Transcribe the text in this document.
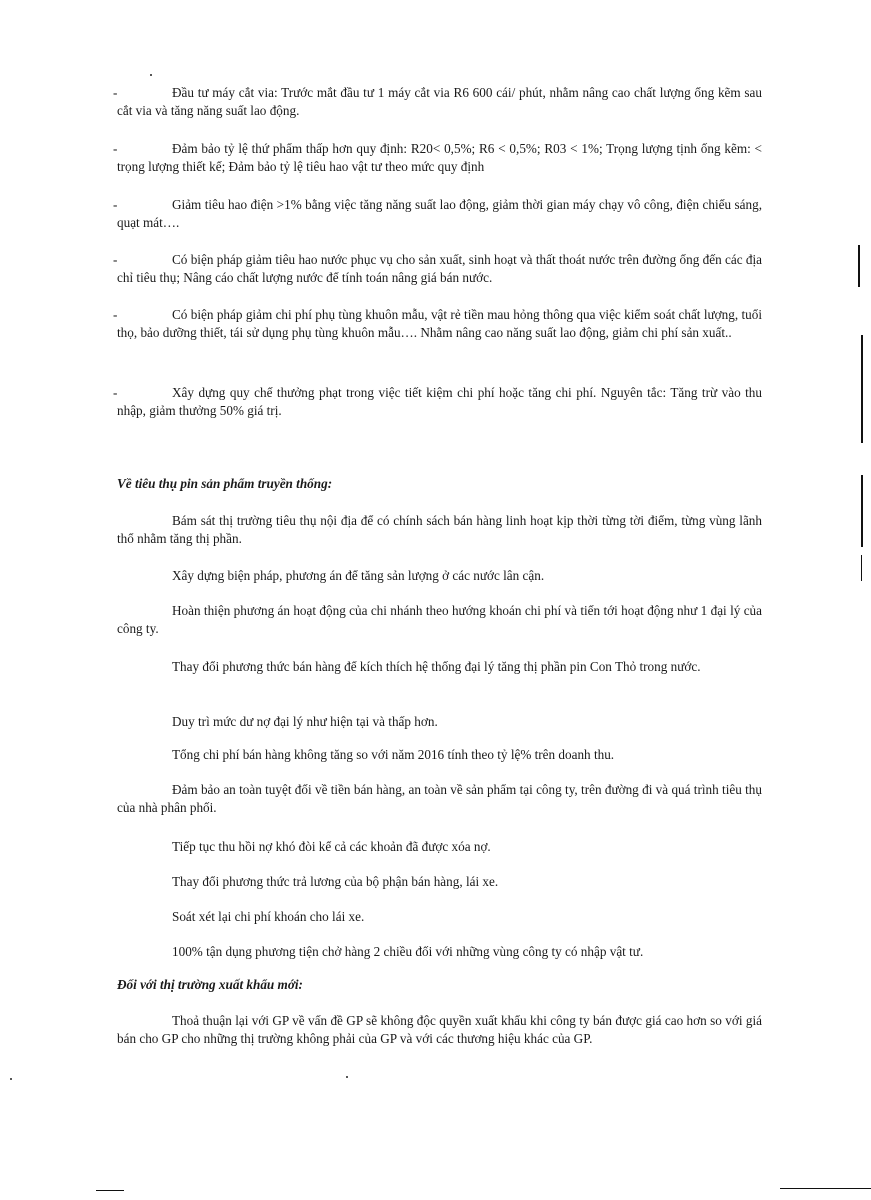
-	Đầu tư máy cắt via: Trước mắt đầu tư 1 máy cắt via R6 600 cái/ phút, nhằm nâng cao chất lượng ống kẽm sau cắt via và tăng năng suất lao động.
-	Đảm bảo tỷ lệ thứ phẩm thấp hơn quy định: R20< 0,5%; R6 < 0,5%; R03 < 1%; Trọng lượng tịnh ống kẽm: < trọng lượng thiết kế; Đảm bảo tỷ lệ tiêu hao vật tư theo mức quy định
-	Giảm tiêu hao điện >1% bằng việc tăng năng suất lao động, giảm thời gian máy chạy vô công, điện chiếu sáng, quạt mát….
-	Có biện pháp giảm tiêu hao nước phục vụ cho sản xuất, sinh hoạt và thất thoát nước trên đường ống đến các địa chỉ tiêu thụ; Nâng cáo chất lượng nước để tính toán nâng giá bán nước.
-	Có biện pháp giảm chi phí phụ tùng khuôn mẫu, vật rẻ tiền mau hỏng thông qua việc kiểm soát chất lượng, tuổi thọ, bảo dưỡng thiết, tái sử dụng phụ tùng khuôn mẫu…. Nhằm nâng cao năng suất lao động, giảm chi phí sản xuất..
-	Xây dựng quy chế thưởng phạt trong việc tiết kiệm chi phí hoặc tăng chi phí. Nguyên tắc: Tăng trừ vào thu nhập, giảm thưởng 50% giá trị.

Về tiêu thụ pin sản phẩm truyền thống:

Bám sát thị trường tiêu thụ nội địa để có chính sách bán hàng linh hoạt kịp thời từng tời điểm, từng vùng lãnh thổ nhằm tăng thị phần.

Xây dựng biện pháp, phương án để tăng sản lượng ở các nước lân cận.

Hoàn thiện phương án hoạt động của chi nhánh theo hướng khoán chi phí và tiến tới hoạt động như 1 đại lý của công ty.

Thay đổi phương thức bán hàng để kích thích hệ thống đại lý tăng thị phần pin Con Thỏ trong nước.

Duy trì mức dư nợ đại lý như hiện tại và thấp hơn.

Tổng chi phí bán hàng không tăng so với năm 2016 tính theo tỷ lệ% trên doanh thu.

Đảm bảo an toàn tuyệt đối về tiền bán hàng, an toàn về sản phẩm tại công ty, trên đường đi và quá trình tiêu thụ của nhà phân phối.

Tiếp tục thu hồi nợ khó đòi kể cả các khoản đã được xóa nợ.

Thay đổi phương thức trả lương của bộ phận bán hàng, lái xe.

Soát xét lại chi phí khoán cho lái xe.

100% tận dụng phương tiện chở hàng 2 chiều đối với những vùng công ty có nhập vật tư.

Đối với thị trường xuất khẩu mới:

Thoả thuận lại với GP về vấn đề GP sẽ không độc quyền xuất khẩu khi công ty bán được giá cao hơn so với giá bán cho GP cho những thị trường không phải của GP và với các thương hiệu khác của GP.
